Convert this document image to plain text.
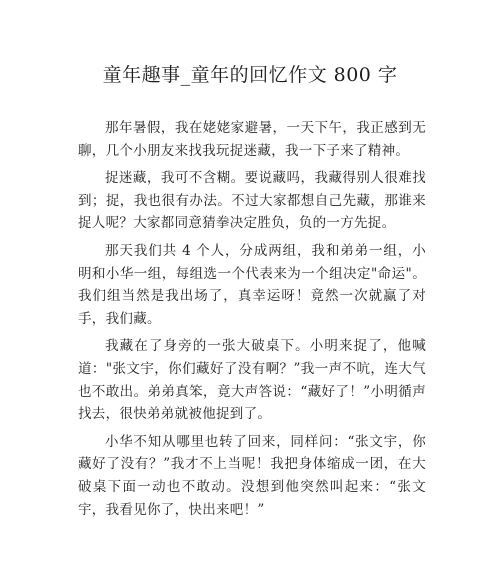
童年趣事_童年的回忆作文 800 字

那年暑假，我在姥姥家避暑，一天下午，我正感到无聊，几个小朋友来找我玩捉迷藏，我一下子来了精神。

捉迷藏，我可不含糊。要说藏吗，我藏得别人很难找到；捉，我也很有办法。不过大家都想自己先藏，那谁来捉人呢？大家都同意猜拳决定胜负，负的一方先捉。

那天我们共 4 个人，分成两组，我和弟弟一组，小明和小华一组，每组选一个代表来为一个组决定"命运"。我们组当然是我出场了，真幸运呀！竟然一次就赢了对手，我们藏。

我藏在了身旁的一张大破桌下。小明来捉了，他喊道："张文宇，你们藏好了没有啊？”我一声不吭，连大气也不敢出。弟弟真笨，竟大声答说：“藏好了！”小明循声找去，很快弟弟就被他捉到了。

小华不知从哪里也转了回来，同样问：“张文宇，你藏好了没有？”我才不上当呢！我把身体缩成一团，在大破桌下面一动也不敢动。没想到他突然叫起来：“张文宇，我看见你了，快出来吧！”
